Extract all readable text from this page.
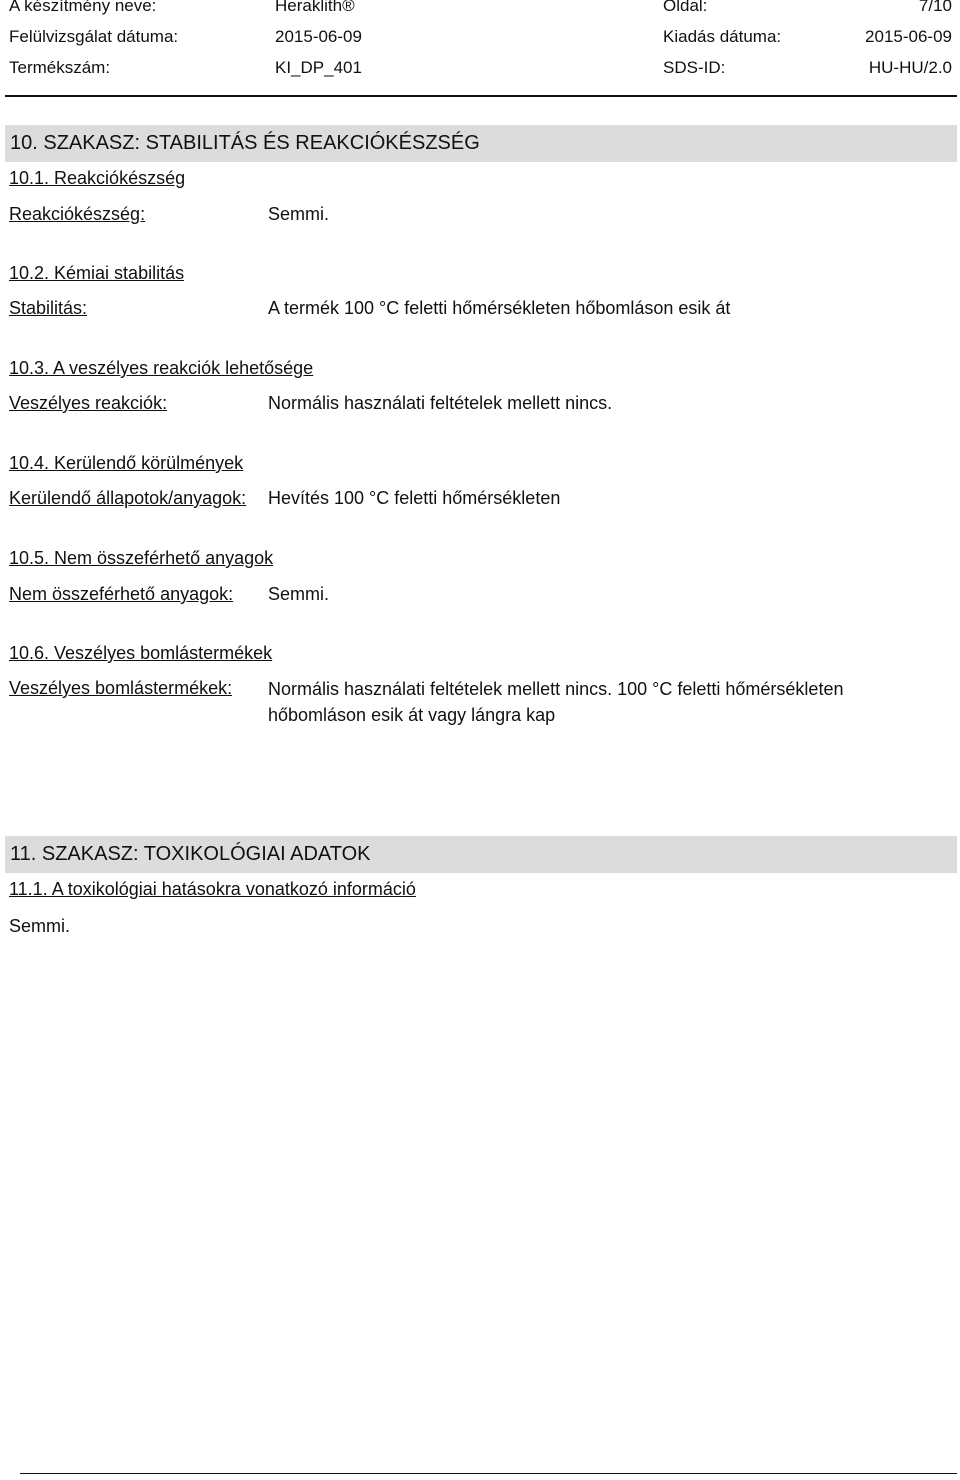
A készítmény neve:	Heraklith®	Oldal:	7/10
Felülvizsgálat dátuma:	2015-06-09	Kiadás dátuma:	2015-06-09
Termékszám:	KI_DP_401	SDS-ID:	HU-HU/2.0
10. SZAKASZ: STABILITÁS ÉS REAKCIÓKÉSZSÉG
10.1. Reakciókészség
Reakciókészség:	Semmi.
10.2. Kémiai stabilitás
Stabilitás:	A termék 100 °C feletti hőmérsékleten hőbomláson esik át
10.3. A veszélyes reakciók lehetősége
Veszélyes reakciók:	Normális használati feltételek mellett nincs.
10.4. Kerülendő körülmények
Kerülendő állapotok/anyagok: Hevítés 100 °C feletti hőmérsékleten
10.5. Nem összeférhető anyagok
Nem összeférhető anyagok: Semmi.
10.6. Veszélyes bomlástermékek
Veszélyes bomlástermékek: Normális használati feltételek mellett nincs. 100 °C feletti hőmérsékleten hőbomláson esik át vagy lángra kap
11. SZAKASZ: TOXIKOLÓGIAI ADATOK
11.1. A toxikológiai hatásokra vonatkozó információ
Semmi.
